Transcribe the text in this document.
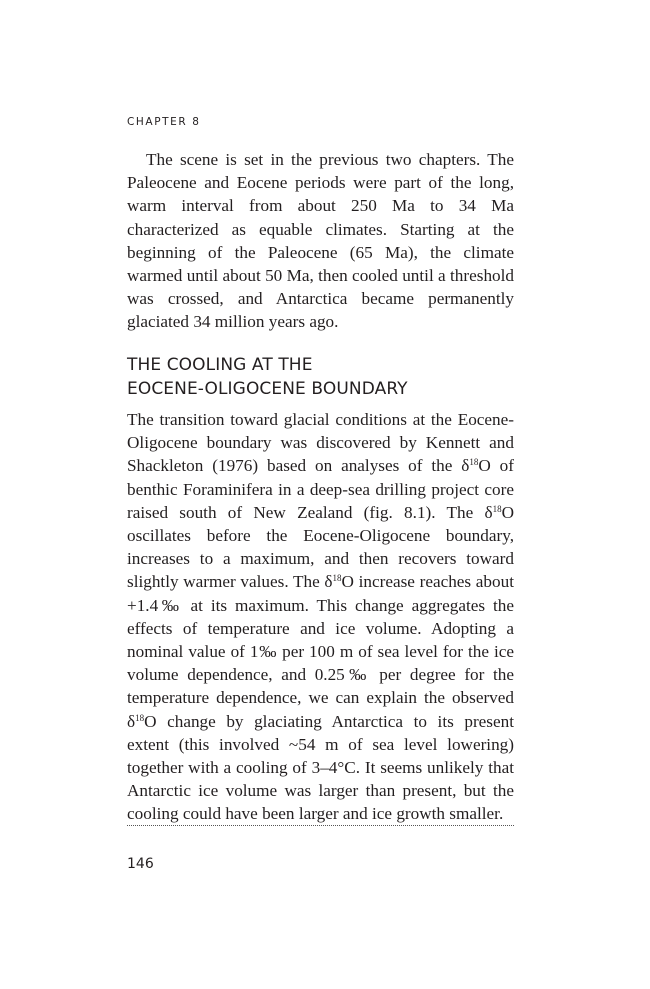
CHAPTER 8

The scene is set in the previous two chapters. The Paleocene and Eocene periods were part of the long, warm interval from about 250 Ma to 34 Ma characterized as equable climates. Starting at the beginning of the Paleocene (65 Ma), the climate warmed until about 50 Ma, then cooled until a threshold was crossed, and Antarctica became permanently glaciated 34 million years ago.

THE COOLING AT THE
EOCENE-OLIGOCENE BOUNDARY

The transition toward glacial conditions at the Eocene-Oligocene boundary was discovered by Kennett and Shackleton (1976) based on analyses of the $\delta^{18}O$ of benthic Foraminifera in a deep-sea drilling project core raised south of New Zealand (fig. 8.1). The $\delta^{18}O$ oscillates before the Eocene-Oligocene boundary, increases to a maximum, and then recovers toward slightly warmer values. The $\delta^{18}O$ increase reaches about +1.4‰ at its maximum. This change aggregates the effects of temperature and ice volume. Adopting a nominal value of 1‰ per 100 m of sea level for the ice volume dependence, and 0.25‰ per degree for the temperature dependence, we can explain the observed $\delta^{18}O$ change by glaciating Antarctica to its present extent (this involved ~54 m of sea level lowering) together with a cooling of 3–4°C. It seems unlikely that Antarctic ice volume was larger than present, but the cooling could have been larger and ice growth smaller.

146
